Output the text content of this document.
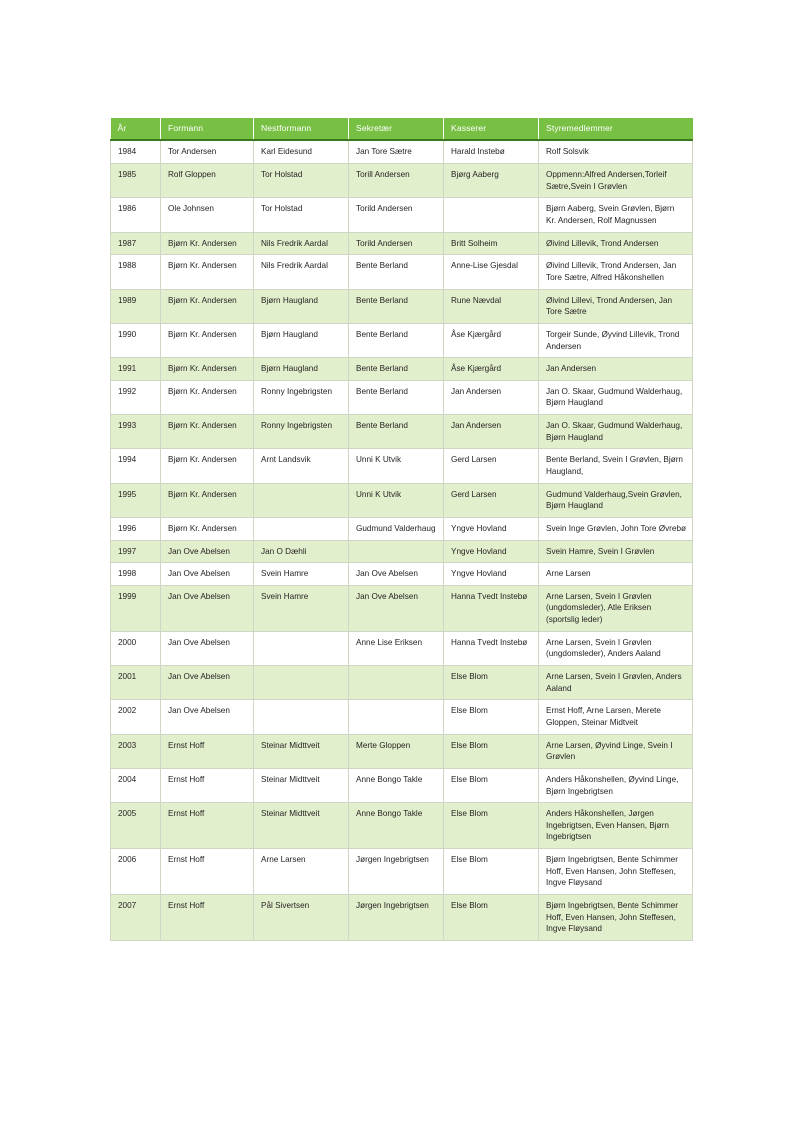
År	Formann	Nestformann	Sekretær	Kasserer	Styremedlemmer
1984	Tor Andersen	Karl Eidesund	Jan Tore Sætre	Harald Instebø	Rolf Solsvik
1985	Rolf Gloppen	Tor Holstad	Torill Andersen	Bjørg Aaberg	Oppmenn:Alfred Andersen,Torleif Sætre,Svein I Grøvlen
1986	Ole Johnsen	Tor Holstad	Torild Andersen		Bjørn Aaberg, Svein Grøvlen, Bjørn Kr. Andersen, Rolf Magnussen
1987	Bjørn Kr. Andersen	Nils Fredrik Aardal	Torild Andersen	Britt Solheim	Øivind Lillevik, Trond Andersen
1988	Bjørn Kr. Andersen	Nils Fredrik Aardal	Bente Berland	Anne-Lise Gjesdal	Øivind Lillevik, Trond Andersen, Jan Tore Sætre, Alfred Håkonshellen
1989	Bjørn Kr. Andersen	Bjørn Haugland	Bente Berland	Rune Nævdal	Øivind Lillevi, Trond Andersen, Jan Tore Sætre
1990	Bjørn Kr. Andersen	Bjørn Haugland	Bente Berland	Åse Kjærgård	Torgeir Sunde, Øyvind Lillevik, Trond Andersen
1991	Bjørn Kr. Andersen	Bjørn Haugland	Bente Berland	Åse Kjærgård	Jan Andersen
1992	Bjørn Kr. Andersen	Ronny Ingebrigsten	Bente Berland	Jan Andersen	Jan O. Skaar, Gudmund Walderhaug, Bjørn Haugland
1993	Bjørn Kr. Andersen	Ronny Ingebrigsten	Bente Berland	Jan Andersen	Jan O. Skaar, Gudmund Walderhaug, Bjørn Haugland
1994	Bjørn Kr. Andersen	Arnt Landsvik	Unni K Utvik	Gerd Larsen	Bente Berland, Svein I Grøvlen, Bjørn Haugland,
1995	Bjørn Kr. Andersen		Unni K Utvik	Gerd Larsen	Gudmund Valderhaug,Svein Grøvlen, Bjørn Haugland
1996	Bjørn Kr. Andersen		Gudmund Valderhaug	Yngve Hovland	Svein Inge Grøvlen, John Tore Øvrebø
1997	Jan Ove Abelsen	Jan O Dæhli		Yngve Hovland	Svein Hamre, Svein I Grøvlen
1998	Jan Ove Abelsen	Svein Hamre	Jan Ove Abelsen	Yngve Hovland	Arne Larsen
1999	Jan Ove Abelsen	Svein Hamre	Jan Ove Abelsen	Hanna Tvedt Instebø	Arne Larsen, Svein I Grøvlen (ungdomsleder), Atle Eriksen (sportslig leder)
2000	Jan Ove Abelsen		Anne Lise Eriksen	Hanna Tvedt Instebø	Arne Larsen, Svein I Grøvlen (ungdomsleder), Anders Aaland
2001	Jan Ove Abelsen			Else Blom	Arne Larsen, Svein I Grøvlen, Anders Aaland
2002	Jan Ove Abelsen			Else Blom	Ernst Hoff, Arne Larsen, Merete Gloppen, Steinar Midtveit
2003	Ernst Hoff	Steinar Midttveit	Merte Gloppen	Else Blom	Arne Larsen, Øyvind Linge, Svein I Grøvlen
2004	Ernst Hoff	Steinar Midttveit	Anne Bongo Takle	Else Blom	Anders Håkonshellen, Øyvind Linge, Bjørn Ingebrigtsen
2005	Ernst Hoff	Steinar Midttveit	Anne Bongo Takle	Else Blom	Anders Håkonshellen, Jørgen Ingebrigtsen, Even Hansen, Bjørn Ingebrigtsen
2006	Ernst Hoff	Arne Larsen	Jørgen Ingebrigtsen	Else Blom	Bjørn Ingebrigtsen, Bente Schimmer Hoff, Even Hansen, John Steffesen, Ingve Fløysand
2007	Ernst Hoff	Pål Sivertsen	Jørgen Ingebrigtsen	Else Blom	Bjørn Ingebrigtsen, Bente Schimmer Hoff, Even Hansen, John Steffesen, Ingve Fløysand
